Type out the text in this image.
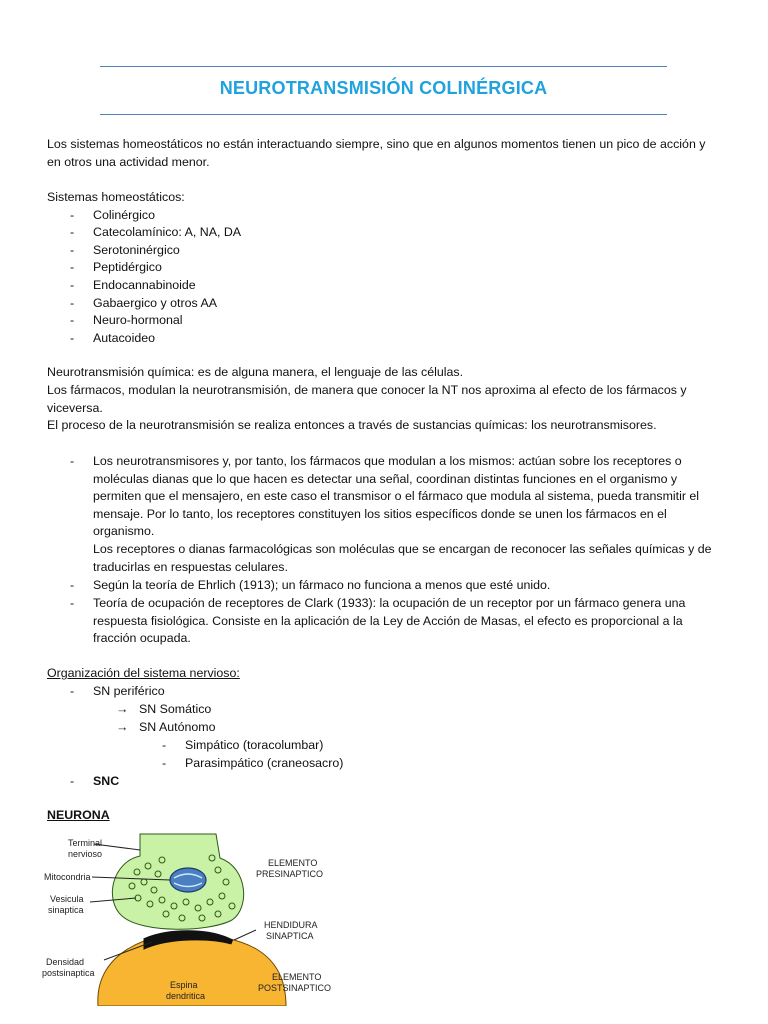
NEUROTRANSMISIÓN COLINÉRGICA
Los sistemas homeostáticos no están interactuando siempre, sino que en algunos momentos tienen un pico de acción y en otros una actividad menor.
Sistemas homeostáticos:
- Colinérgico
- Catecolamínico: A, NA, DA
- Serotoninérgico
- Peptidérgico
- Endocannabinoide
- Gabaergico y otros AA
- Neuro-hormonal
- Autacoideo
Neurotransmisión química: es de alguna manera, el lenguaje de las células.
Los fármacos, modulan la neurotransmisión, de manera que conocer la NT nos aproxima al efecto de los fármacos y viceversa.
El proceso de la neurotransmisión se realiza entonces a través de sustancias químicas: los neurotransmisores.
- Los neurotransmisores y, por tanto, los fármacos que modulan a los mismos: actúan sobre los receptores o moléculas dianas que lo que hacen es detectar una señal, coordinan distintas funciones en el organismo y permiten que el mensajero, en este caso el transmisor o el fármaco que modula al sistema, pueda transmitir el mensaje. Por lo tanto, los receptores constituyen los sitios específicos donde se unen los fármacos en el organismo.
Los receptores o dianas farmacológicas son moléculas que se encargan de reconocer las señales químicas y de traducirlas en respuestas celulares.
- Según la teoría de Ehrlich (1913); un fármaco no funciona a menos que esté unido.
- Teoría de ocupación de receptores de Clark (1933): la ocupación de un receptor por un fármaco genera una respuesta fisiológica. Consiste en la aplicación de la Ley de Acción de Masas, el efecto es proporcional a la fracción ocupada.
Organización del sistema nervioso:
- SN periférico
→ SN Somático
→ SN Autónomo
- Simpático (toracolumbar)
- Parasimpático (craneosacro)
- SNC
NEURONA
Terminal
nervioso
Mitocondria
Vesicula
sinaptica
Densidad
postsinaptica
Espina
dendritica
ELEMENTO
PRESINAPTICO
HENDIDURA
SINAPTICA
ELEMENTO
POSTSINAPTICO
